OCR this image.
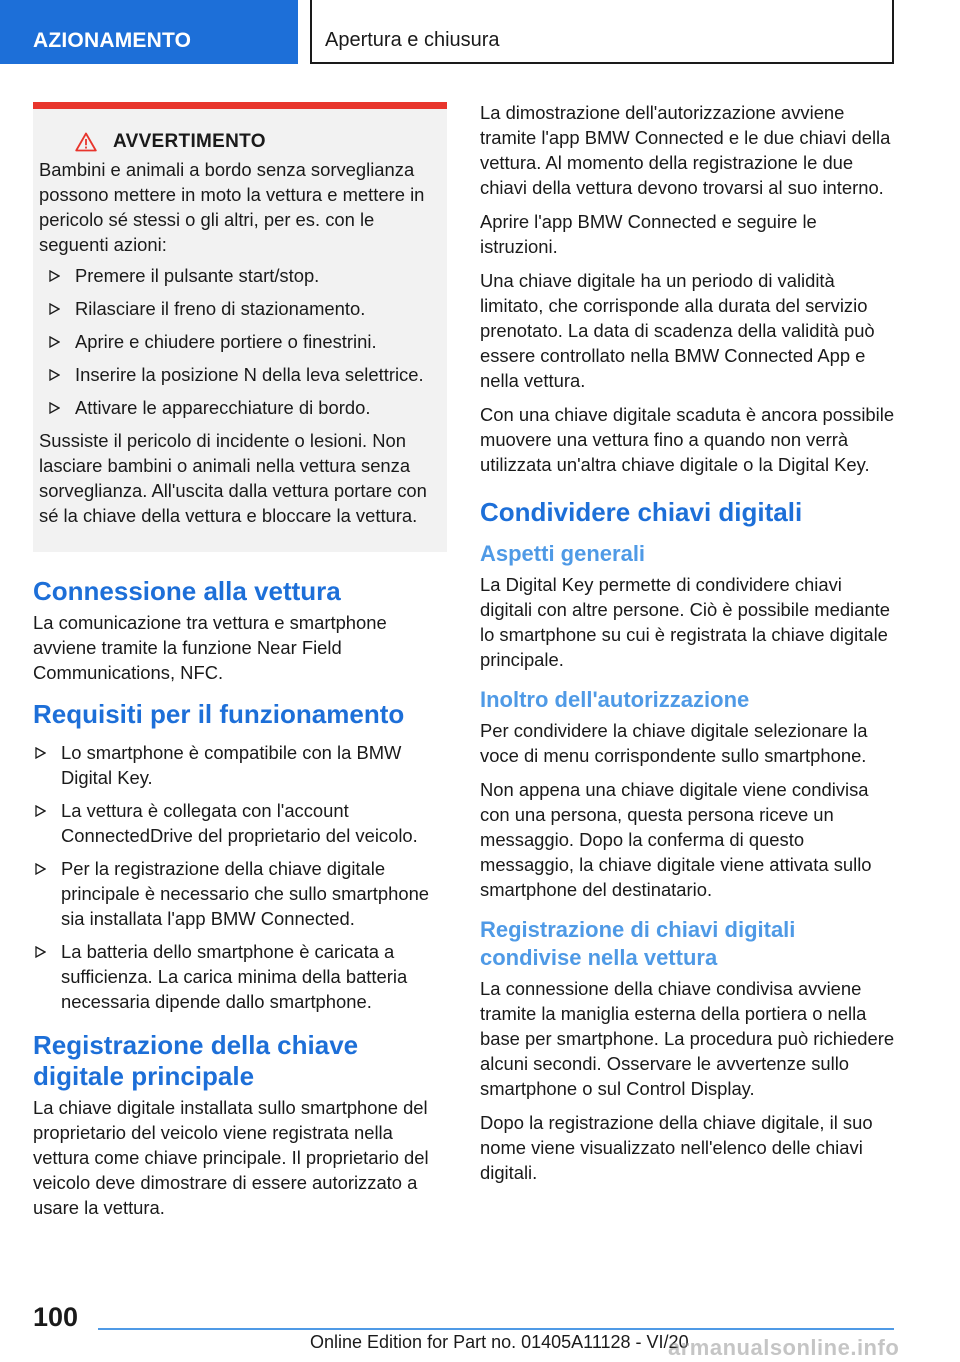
AZIONAMENTO	Apertura e chiusura
AVVERTIMENTO

Bambini e animali a bordo senza sorveglianza possono mettere in moto la vettura e mettere in pericolo sé stessi o gli altri, per es. con le seguenti azioni:

Premere il pulsante start/stop.
Rilasciare il freno di stazionamento.
Aprire e chiudere portiere o finestrini.
Inserire la posizione N della leva selettrice.
Attivare le apparecchiature di bordo.

Sussiste il pericolo di incidente o lesioni. Non lasciare bambini o animali nella vettura senza sorveglianza. All'uscita dalla vettura portare con sé la chiave della vettura e bloccare la vettura.

Connessione alla vettura

La comunicazione tra vettura e smartphone avviene tramite la funzione Near Field Communications, NFC.

Requisiti per il funzionamento
Lo smartphone è compatibile con la BMW Digital Key.
La vettura è collegata con l'account ConnectedDrive del proprietario del veicolo.
Per la registrazione della chiave digitale principale è necessario che sullo smartphone sia installata l'app BMW Connected.
La batteria dello smartphone è caricata a sufficienza. La carica minima della batteria necessaria dipende dallo smartphone.
Registrazione della chiave digitale principale

La chiave digitale installata sullo smartphone del proprietario del veicolo viene registrata nella vettura come chiave principale. Il proprietario del veicolo deve dimostrare di essere autorizzato a usare la vettura.

La dimostrazione dell'autorizzazione avviene tramite l'app BMW Connected e le due chiavi della vettura. Al momento della registrazione le due chiavi della vettura devono trovarsi al suo interno.

Aprire l'app BMW Connected e seguire le istruzioni.

Una chiave digitale ha un periodo di validità limitato, che corrisponde alla durata del servizio prenotato. La data di scadenza della validità può essere controllato nella BMW Connected App e nella vettura.

Con una chiave digitale scaduta è ancora possibile muovere una vettura fino a quando non verrà utilizzata un'altra chiave digitale o la Digital Key.

Condividere chiavi digitali
Aspetti generali

La Digital Key permette di condividere chiavi digitali con altre persone. Ciò è possibile mediante lo smartphone su cui è registrata la chiave digitale principale.

Inoltro dell'autorizzazione

Per condividere la chiave digitale selezionare la voce di menu corrispondente sullo smartphone.

Non appena una chiave digitale viene condivisa con una persona, questa persona riceve un messaggio. Dopo la conferma di questo messaggio, la chiave digitale viene attivata sullo smartphone del destinatario.

Registrazione di chiavi digitali condivise nella vettura

La connessione della chiave condivisa avviene tramite la maniglia esterna della portiera o nella base per smartphone. La procedura può richiedere alcuni secondi. Osservare le avvertenze sullo smartphone o sul Control Display.

Dopo la registrazione della chiave digitale, il suo nome viene visualizzato nell'elenco delle chiavi digitali.

100
Online Edition for Part no. 01405A11128 - VI/20
armanualsonline.info
